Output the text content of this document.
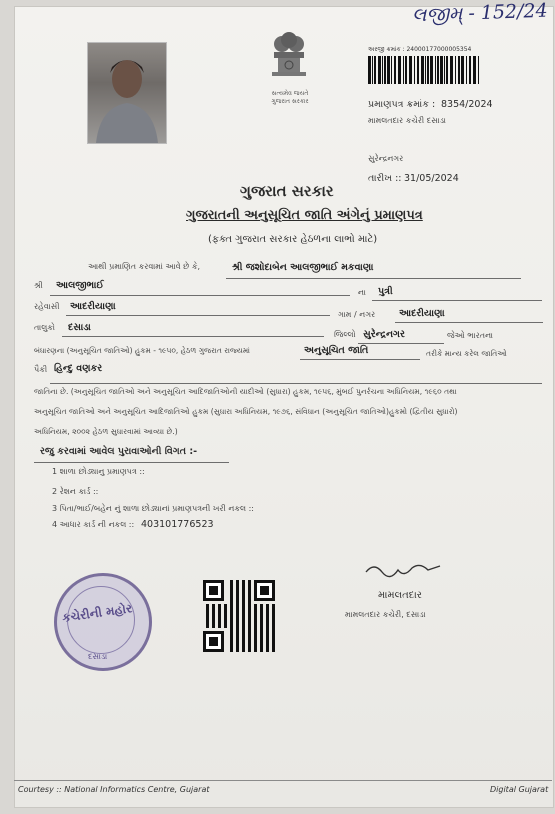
લજીમ્ - 152/24
સત્યમેવ જયતે ગુજરાત સરકાર
અરજી ક્રમાંક : 24000177000005354
પ્રમાણપત્ર ક્રમાંક : 8354/2024
મામલતદાર કચેરી દસાડા
સુરેન્દ્રનગર
તારીખ :: 31/05/2024
ગુજરાત સરકાર
ગુજરાતની અનુસૂચિત જાતિ અંગેનું પ્રમાણપત્ર
(ફક્ત ગુજરાત સરકાર હેઠળના લાભો માટે)
આથી પ્રમાણિત કરવામાં આવે છે કે,	શ્રી જશોદાબેન આલજીભાઈ મકવાણા
શ્રી આલજીભાઈ
ના પુત્રી
રહેવાસી આદરીયાણા
ગામ / નગર	આદરીયાણા
તાલુકો દસાડા
જિલ્લો સુરેન્દ્રનગર	જેઓ ભારતના
બંધારણના (અનુસૂચિત જાતિઓ) હુકમ - ૧૯૫૦, હેઠળ ગુજરાત રાજ્યમાં	અનુસૂચિત જાતિ	તરીકે માન્ય કરેલ જાતિઓ
પૈકી હિન્દુ વણકર
જાતિના છે. (અનુસૂચિત જાતિઓ અને અનુસૂચિત આદિજાતિઓની યાદીઓ (સુધારા) હુકમ, ૧૯૫૬, મુંબઈ પુનર્રચના અધિનિયમ, ૧૯૬૦ તથા
અનુસૂચિત જાતિઓ અને અનુસૂચિત આદિજાતિઓ હુકમ (સુધારા અધિનિયમ, ૧૯૭૬, સંવિધાન (અનુસૂચિત જાતિઓ)હુકમો (દ્વિતીય સુધારો)
અધિનિયમ, ૨૦૦૨ હેઠળ સુધારવામાં આવ્યા છે.)
રજુ કરવામાં આવેલ પુરાવાઓની વિગત :-
1 શાળા છોડ્યાનુ પ્રમાણપત્ર ::
2 રેશન કાર્ડ ::
3 પિતા/ભાઈ/બહેન નું શાળા છોડ્યાનાં પ્રમાણપત્રની ખરી નકલ ::
4 આધાર કાર્ડ ની નકલ :: 403101776523
કચેરીની મહોર
દસાડા
મામલતદાર
મામલતદાર કચેરી, દસાડા
Courtesy :: National Informatics Centre, Gujarat	Digital Gujarat
